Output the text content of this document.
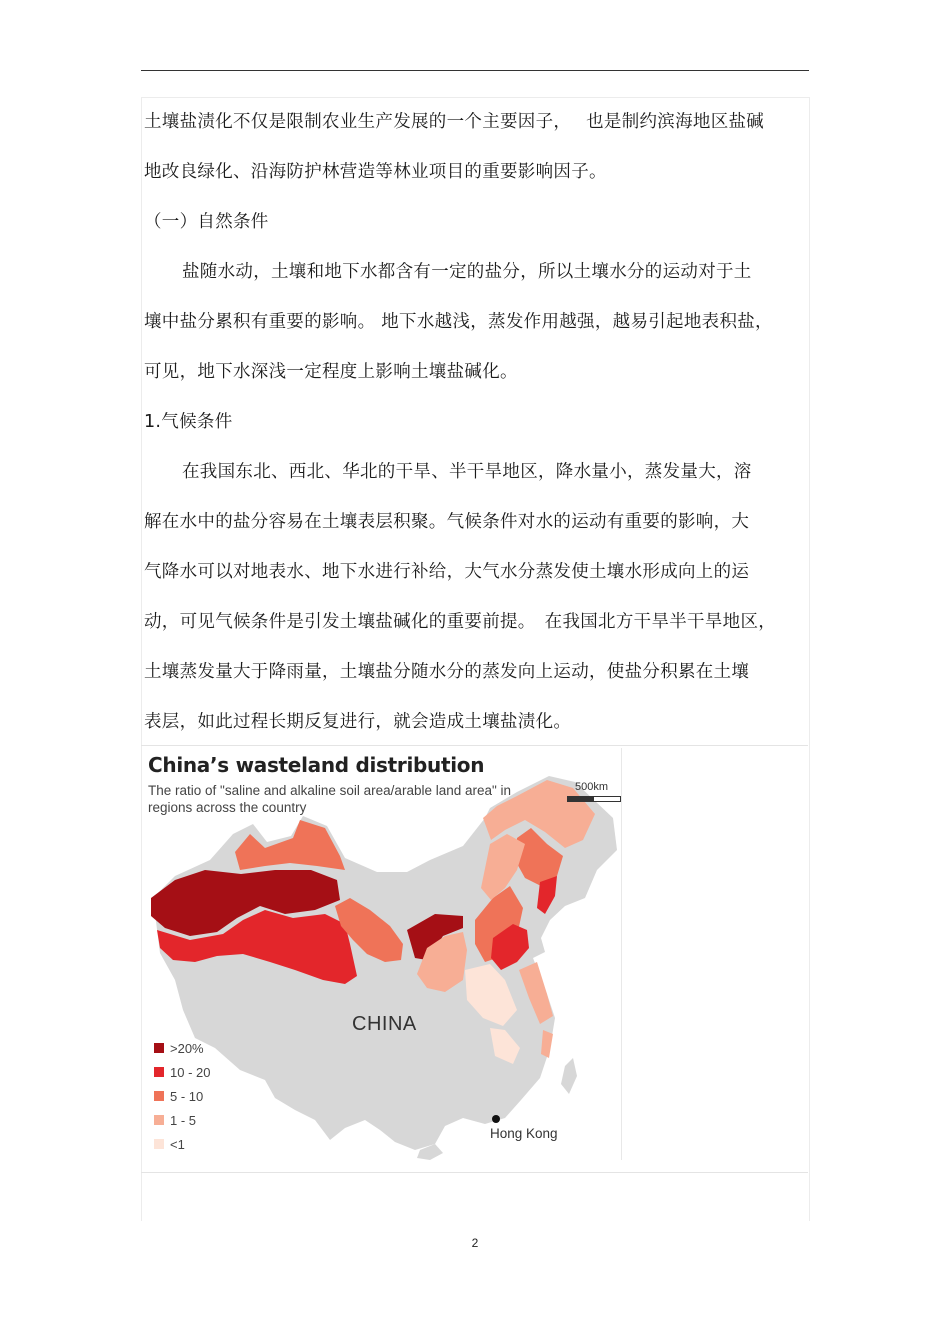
土壤盐渍化不仅是限制农业生产发展的一个主要因子，　 也是制约滨海地区盐碱
地改良绿化、沿海防护林营造等林业项目的重要影响因子。
（一）自然条件
盐随水动，土壤和地下水都含有一定的盐分，所以土壤水分的运动对于土
壤中盐分累积有重要的影响。 地下水越浅，蒸发作用越强，越易引起地表积盐，
可见，地下水深浅一定程度上影响土壤盐碱化。
1.气候条件
在我国东北、西北、华北的干旱、半干旱地区，降水量小，蒸发量大，溶
解在水中的盐分容易在土壤表层积聚。气候条件对水的运动有重要的影响，大
气降水可以对地表水、地下水进行补给，大气水分蒸发使土壤水形成向上的运
动，可见气候条件是引发土壤盐碱化的重要前提。　在我国北方干旱半干旱地区，
土壤蒸发量大于降雨量，土壤盐分随水分的蒸发向上运动，使盐分积累在土壤
表层，如此过程长期反复进行，就会造成土壤盐渍化。
China’s wasteland distribution
The ratio of "saline and alkaline soil area/arable land area" in regions across the country
500km
CHINA
Hong Kong
>20%
10 - 20
5 - 10
1 - 5
<1
2
